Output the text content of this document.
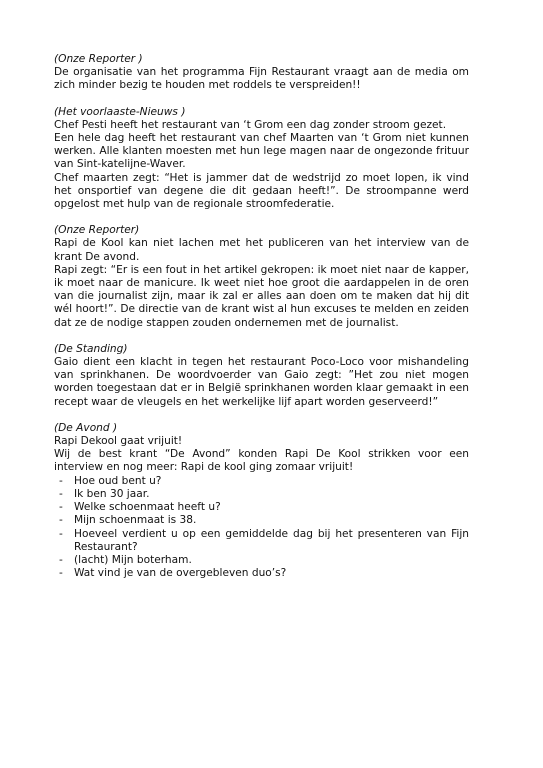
(Onze Reporter )

De organisatie van het programma Fijn Restaurant vraagt aan de media om zich minder bezig te houden met roddels te verspreiden!!

(Het voorlaaste-Nieuws )

Chef Pesti heeft het restaurant van ‘t Grom een dag zonder stroom gezet.

Een hele dag heeft het restaurant van chef Maarten van ‘t Grom niet kunnen werken. Alle klanten moesten met hun lege magen naar de ongezonde frituur van Sint-katelijne-Waver.

Chef maarten zegt: “Het is jammer dat de wedstrijd zo moet lopen, ik vind het onsportief van degene die dit gedaan heeft!”. De stroompanne werd opgelost met hulp van de regionale stroomfederatie.

(Onze Reporter)

Rapi de Kool kan niet lachen met het publiceren van het interview van de krant De avond.

Rapi zegt: “Er is een fout in het artikel gekropen: ik moet niet naar de kapper, ik moet naar de manicure. Ik weet niet hoe groot die aardappelen in de oren van die journalist zijn, maar ik zal er alles aan doen om te maken dat hij dit wél hoort!”. De directie van de krant wist al hun excuses te melden en zeiden dat ze de nodige stappen zouden ondernemen met de journalist.

(De Standing)

Gaio dient een klacht in tegen het restaurant Poco-Loco voor mishandeling van sprinkhanen. De woordvoerder van Gaio zegt: ”Het zou niet mogen worden toegestaan dat er in België sprinkhanen worden klaar gemaakt in een recept waar de vleugels en het werkelijke lijf apart worden geserveerd!”

(De Avond )

Rapi Dekool gaat vrijuit!

Wij de best krant “De Avond” konden Rapi De Kool strikken voor een interview en nog meer: Rapi de kool ging zomaar vrijuit!

- Hoe oud bent u?
- Ik ben 30 jaar.
- Welke schoenmaat heeft u?
- Mijn schoenmaat is 38.
- Hoeveel verdient u op een gemiddelde dag bij het presenteren van Fijn Restaurant?
- (lacht) Mijn boterham.
- Wat vind je van de overgebleven duo’s?
